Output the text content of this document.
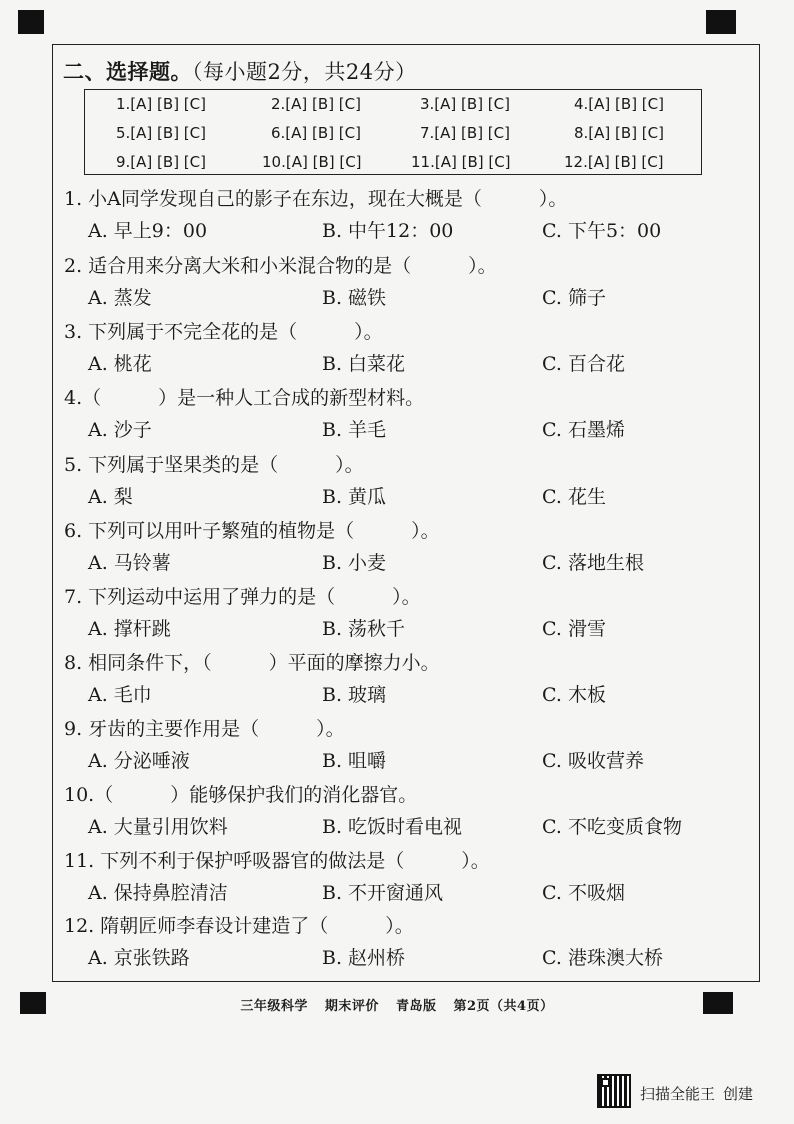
二、选择题。（每小题2分，共24分）
1.[A] [B] [C]	2.[A] [B] [C]	3.[A] [B] [C]	4.[A] [B] [C]
5.[A] [B] [C]	6.[A] [B] [C]	7.[A] [B] [C]	8.[A] [B] [C]
9.[A] [B] [C]	10.[A] [B] [C]	11.[A] [B] [C]	12.[A] [B] [C]
1. 小A同学发现自己的影子在东边，现在大概是（　　　）。
A. 早上9：00	B. 中午12：00	C. 下午5：00
2. 适合用来分离大米和小米混合物的是（　　　）。
A. 蒸发	B. 磁铁	C. 筛子
3. 下列属于不完全花的是（　　　）。
A. 桃花	B. 白菜花	C. 百合花
4.（　　　）是一种人工合成的新型材料。
A. 沙子	B. 羊毛	C. 石墨烯
5. 下列属于坚果类的是（　　　）。
A. 梨	B. 黄瓜	C. 花生
6. 下列可以用叶子繁殖的植物是（　　　）。
A. 马铃薯	B. 小麦	C. 落地生根
7. 下列运动中运用了弹力的是（　　　）。
A. 撑杆跳	B. 荡秋千	C. 滑雪
8. 相同条件下，（　　　）平面的摩擦力小。
A. 毛巾	B. 玻璃	C. 木板
9. 牙齿的主要作用是（　　　）。
A. 分泌唾液	B. 咀嚼	C. 吸收营养
10.（　　　）能够保护我们的消化器官。
A. 大量引用饮料	B. 吃饭时看电视	C. 不吃变质食物
11. 下列不利于保护呼吸器官的做法是（　　　）。
A. 保持鼻腔清洁	B. 不开窗通风	C. 不吸烟
12. 隋朝匠师李春设计建造了（　　　）。
A. 京张铁路	B. 赵州桥	C. 港珠澳大桥
三年级科学 期末评价 青岛版 第2页（共4页）
扫描全能王 创建
